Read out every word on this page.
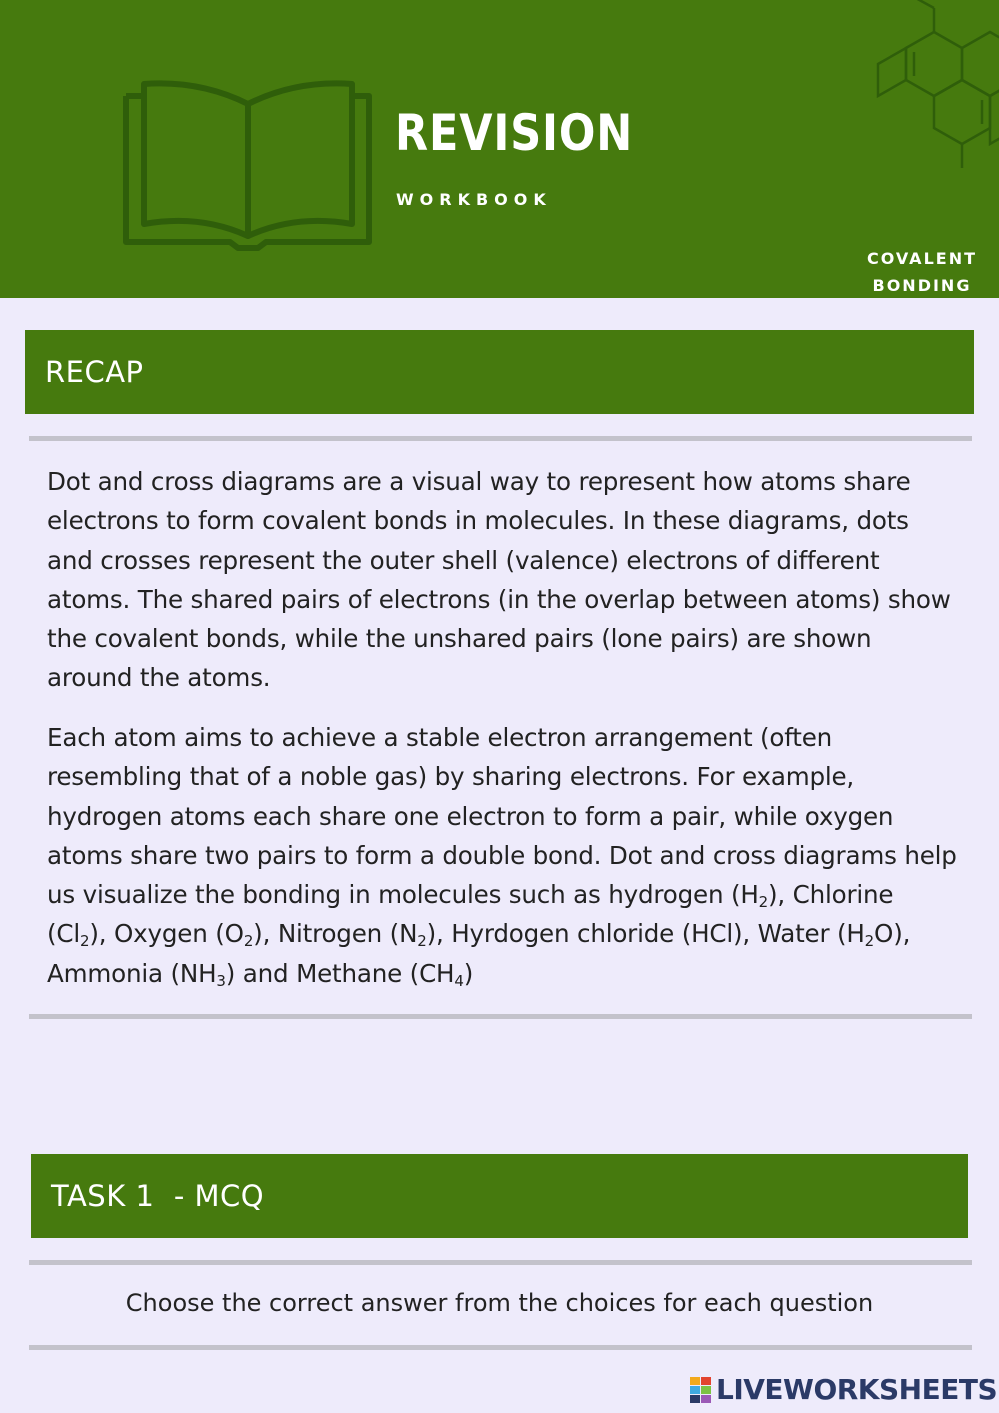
REVISION
WORKBOOK
COVALENT
BONDING
RECAP
Dot and cross diagrams are a visual way to represent how atoms share electrons to form covalent bonds in molecules. In these diagrams, dots and crosses represent the outer shell (valence) electrons of different atoms. The shared pairs of electrons (in the overlap between atoms) show the covalent bonds, while the unshared pairs (lone pairs) are shown around the atoms.
Each atom aims to achieve a stable electron arrangement (often resembling that of a noble gas) by sharing electrons. For example, hydrogen atoms each share one electron to form a pair, while oxygen atoms share two pairs to form a double bond. Dot and cross diagrams help us visualize the bonding in molecules such as hydrogen $(H_2)$, Chlorine $(Cl_2)$, Oxygen $(O_2)$, Nitrogen $(N_2)$, Hyrdogen chloride (HCl), Water $(H_2O)$, Ammonia $(NH_3)$ and Methane $(CH_4)$
TASK 1  - MCQ
Choose the correct answer from the choices for each question
LIVEWORKSHEETS
